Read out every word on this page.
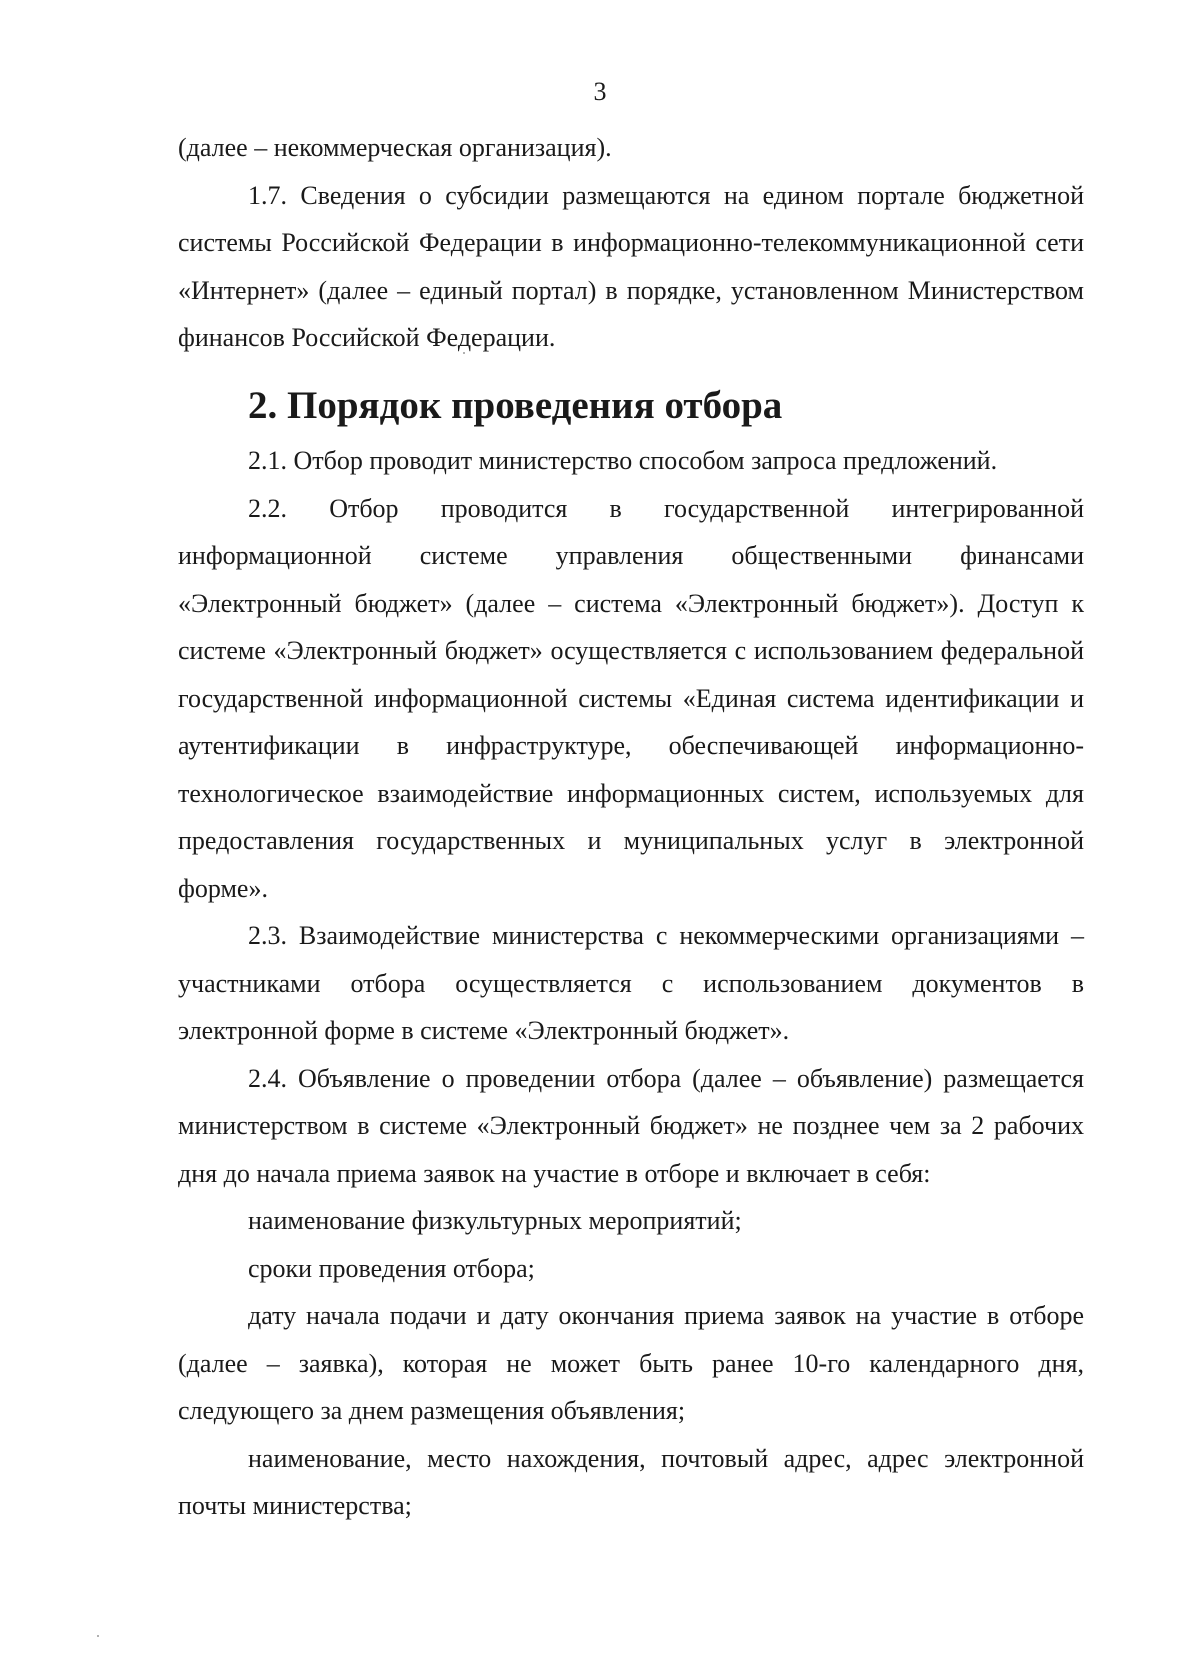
3

(далее – некоммерческая организация).

1.7. Сведения о субсидии размещаются на едином портале бюджетной системы Российской Федерации в информационно-телекоммуникационной сети «Интернет» (далее – единый портал) в порядке, установленном Министерством финансов Российской Федерации.

2. Порядок проведения отбора

2.1. Отбор проводит министерство способом запроса предложений.

2.2. Отбор проводится в государственной интегрированной информационной системе управления общественными финансами «Электронный бюджет» (далее – система «Электронный бюджет»). Доступ к системе «Электронный бюджет» осуществляется с использованием федеральной государственной информационной системы «Единая система идентификации и аутентификации в инфраструктуре, обеспечивающей информационно-технологическое взаимодействие информационных систем, используемых для предоставления государственных и муниципальных услуг в электронной форме».

2.3. Взаимодействие министерства с некоммерческими организациями – участниками отбора осуществляется с использованием документов в электронной форме в системе «Электронный бюджет».

2.4. Объявление о проведении отбора (далее – объявление) размещается министерством в системе «Электронный бюджет» не позднее чем за 2 рабочих дня до начала приема заявок на участие в отборе и включает в себя:

наименование физкультурных мероприятий;

сроки проведения отбора;

дату начала подачи и дату окончания приема заявок на участие в отборе (далее – заявка), которая не может быть ранее 10-го календарного дня, следующего за днем размещения объявления;

наименование, место нахождения, почтовый адрес, адрес электронной почты министерства;
